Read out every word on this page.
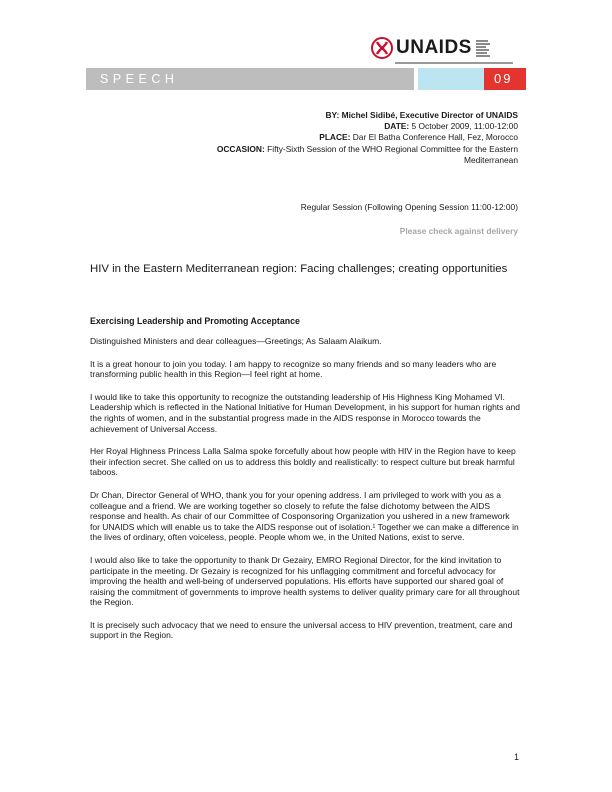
UNAIDS
SPEECH	09
BY: Michel Sidibé, Executive Director of UNAIDS
DATE: 5 October 2009, 11:00-12:00
PLACE: Dar El Batha Conference Hall, Fez, Morocco
OCCASION: Fifty-Sixth Session of the WHO Regional Committee for the Eastern
Mediterranean
Regular Session (Following Opening Session 11:00-12:00)
Please check against delivery
HIV in the Eastern Mediterranean region: Facing challenges; creating opportunities
Exercising Leadership and Promoting Acceptance

Distinguished Ministers and dear colleagues—Greetings; As Salaam Alaikum.

It is a great honour to join you today. I am happy to recognize so many friends and so many leaders who are transforming public health in this Region—I feel right at home.

I would like to take this opportunity to recognize the outstanding leadership of His Highness King Mohamed VI. Leadership which is reflected in the National Initiative for Human Development, in his support for human rights and the rights of women, and in the substantial progress made in the AIDS response in Morocco towards the achievement of Universal Access.

Her Royal Highness Princess Lalla Salma spoke forcefully about how people with HIV in the Region have to keep their infection secret. She called on us to address this boldly and realistically: to respect culture but break harmful taboos.

Dr Chan, Director General of WHO, thank you for your opening address. I am privileged to work with you as a colleague and a friend. We are working together so closely to refute the false dichotomy between the AIDS response and health. As chair of our Committee of Cosponsoring Organization you ushered in a new framework for UNAIDS which will enable us to take the AIDS response out of isolation.¹ Together we can make a difference in the lives of ordinary, often voiceless, people. People whom we, in the United Nations, exist to serve.

I would also like to take the opportunity to thank Dr Gezairy, EMRO Regional Director, for the kind invitation to participate in the meeting. Dr Gezairy is recognized for his unflagging commitment and forceful advocacy for improving the health and well-being of underserved populations. His efforts have supported our shared goal of raising the commitment of governments to improve health systems to deliver quality primary care for all throughout the Region.

It is precisely such advocacy that we need to ensure the universal access to HIV prevention, treatment, care and support in the Region.

1
